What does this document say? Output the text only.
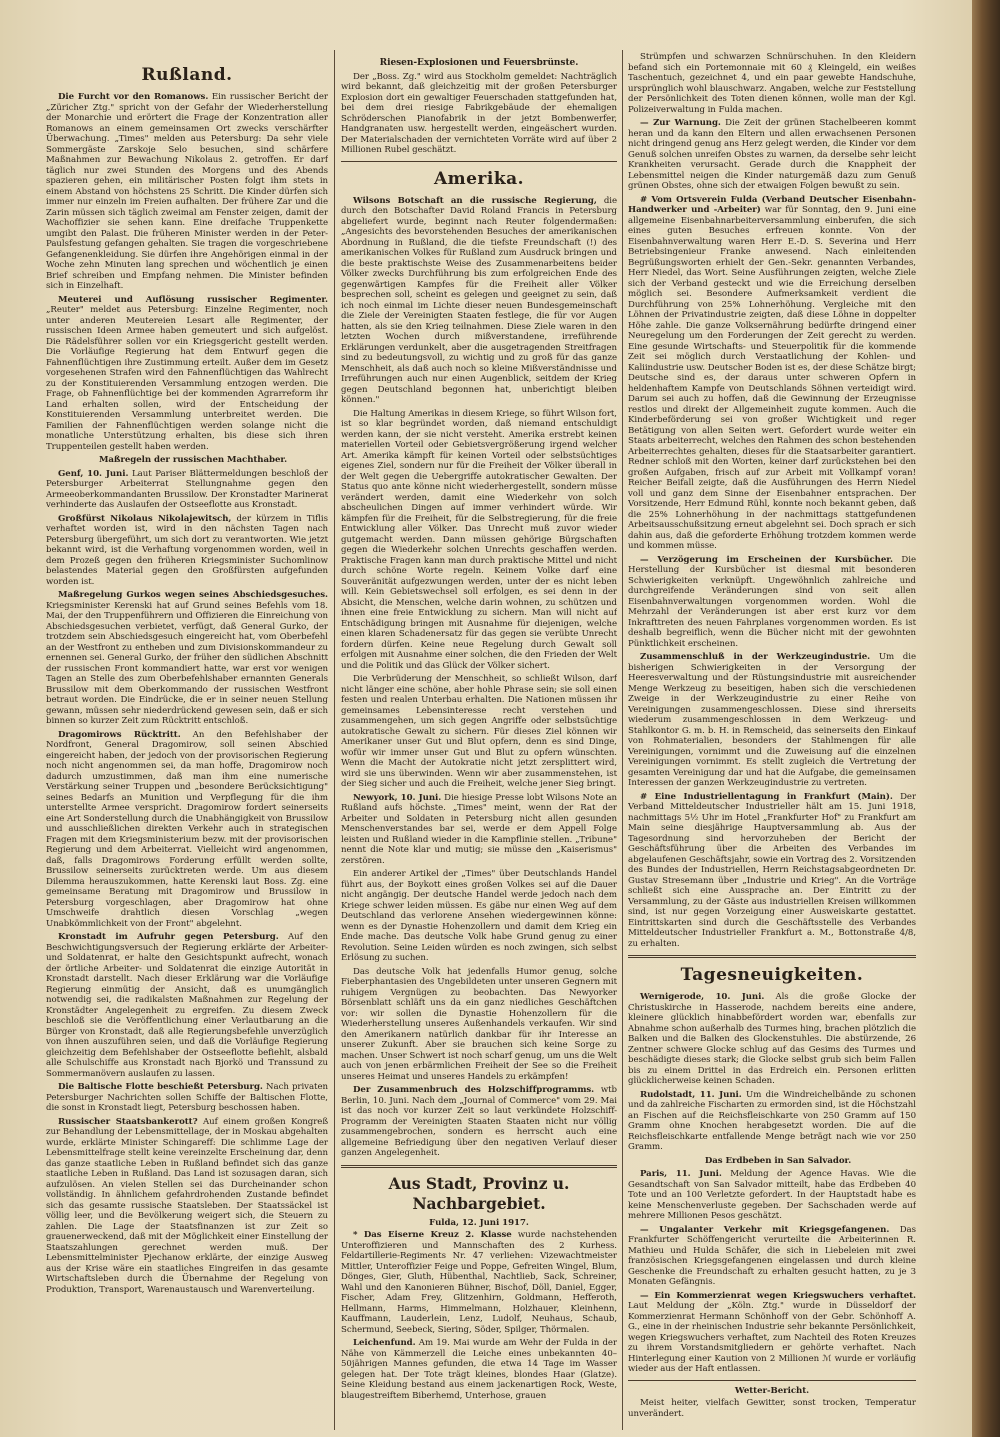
Rußland.

Die Furcht vor den Romanows. Ein russischer Bericht der „Züricher Ztg." spricht von der Gefahr der Wiederherstellung der Monarchie und erörtert die Frage der Konzentration aller Romanows an einem gemeinsamen Ort zwecks verschärfter Überwachung. „Times" melden aus Petersburg: Da sehr viele Sommergäste Zarskoje Selo besuchen, sind schärfere Maßnahmen zur Bewachung Nikolaus 2. getroffen. Er darf täglich nur zwei Stunden des Morgens und des Abends spazieren gehen, ein militärischer Posten folgt ihm stets in einem Abstand von höchstens 25 Schritt. Die Kinder dürfen sich immer nur einzeln im Freien aufhalten. Der frühere Zar und die Zarin müssen sich täglich zweimal am Fenster zeigen, damit der Wachoffizier sie sehen kann. Eine dreifache Truppenkette umgibt den Palast. Die früheren Minister werden in der Peter-Paulsfestung gefangen gehalten. Sie tragen die vorgeschriebene Gefangenenkleidung. Sie dürfen ihre Angehörigen einmal in der Woche zehn Minuten lang sprechen und wöchentlich je einen Brief schreiben und Empfang nehmen. Die Minister befinden sich in Einzelhaft.

Meuterei und Auflösung russischer Regimenter. „Reuter" meldet aus Petersburg: Einzelne Regimenter, noch unter anderen Meutereien Lesart alle Regimenter, der russischen Ideen Armee haben gemeutert und sich aufgelöst. Die Rädelsführer sollen vor ein Kriegsgericht gestellt werden. Die Vorläufige Regierung hat dem Entwurf gegen die Fahnenflüchtigen ihre Zustimmung erteilt. Außer dem im Gesetz vorgesehenen Strafen wird den Fahnenflüchtigen das Wahlrecht zu der Konstituierenden Versammlung entzogen werden. Die Frage, ob Fahnenflüchtige bei der kommenden Agrarreform ihr Land erhalten sollen, wird der Entscheidung der Konstituierenden Versammlung unterbreitet werden. Die Familien der Fahnenflüchtigen werden solange nicht die monatliche Unterstützung erhalten, bis diese sich ihren Truppenteilen gestellt haben werden.

Maßregeln der russischen Machthaber.

Genf, 10. Juni. Laut Pariser Blättermeldungen beschloß der Petersburger Arbeiterrat Stellungnahme gegen den Armeeoberkommandanten Brussilow. Der Kronstadter Marinerat verhinderte das Auslaufen der Ostseeflotte aus Kronstadt.

Großfürst Nikolaus Nikolajewitsch, der kürzem in Tiflis verhaftet worden ist, wird in den nächsten Tagen nach Petersburg übergeführt, um sich dort zu verantworten. Wie jetzt bekannt wird, ist die Verhaftung vorgenommen worden, weil in dem Prozeß gegen den früheren Kriegsminister Suchomlinow belastendes Material gegen den Großfürsten aufgefunden worden ist.

Maßregelung Gurkos wegen seines Abschiedsgesuches. Kriegsminister Kerenski hat auf Grund seines Befehls vom 18. Mai, der den Truppenführern und Offizieren die Einreichung von Abschiedsgesuchen verbietet, verfügt, daß General Gurko, der trotzdem sein Abschiedsgesuch eingereicht hat, vom Oberbefehl an der Westfront zu entheben und zum Divisionskommandeur zu ernennen sei. General Gurko, der früher den südlichen Abschnitt der russischen Front kommandiert hatte, war erst vor wenigen Tagen an Stelle des zum Oberbefehlshaber ernannten Generals Brussilow mit dem Oberkommando der russischen Westfront betraut worden. Die Eindrücke, die er in seiner neuen Stellung gewann, müssen sehr niederdrückend gewesen sein, daß er sich binnen so kurzer Zeit zum Rücktritt entschloß.

Dragomirows Rücktritt. An den Befehlshaber der Nordfront, General Dragomirow, soll seinen Abschied eingereicht haben, der jedoch von der provisorischen Regierung noch nicht angenommen sei, da man hoffe, Dragomirow noch dadurch umzustimmen, daß man ihm eine numerische Verstärkung seiner Truppen und „besondere Berücksichtigung" seines Bedarfs an Munition und Verpflegung für die ihm unterstellte Armee verspricht. Dragomirow fordert seinerseits eine Art Sonderstellung durch die Unabhängigkeit von Brussilow und ausschließlichen direkten Verkehr auch in strategischen Fragen mit dem Kriegsministerium bezw. mit der provisorischen Regierung und dem Arbeiterrat. Vielleicht wird angenommen, daß, falls Dragomirows Forderung erfüllt werden sollte, Brussilow seinerseits zurücktreten werde. Um aus diesem Dilemma herauszukommen, hatte Kerenski laut Boss. Zg. eine gemeinsame Beratung mit Dragomirow und Brussilow in Petersburg vorgeschlagen, aber Dragomirow hat ohne Umschweife drahtlich diesen Vorschlag „wegen Unabkömmlichkeit von der Front" abgelehnt.

Kronstadt im Aufruhr gegen Petersburg. Auf den Beschwichtigungsversuch der Regierung erklärte der Arbeiter- und Soldatenrat, er halte den Gesichtspunkt aufrecht, wonach der örtliche Arbeiter- und Soldatenrat die einzige Autorität in Kronstadt darstellt. Nach dieser Erklärung war die Vorläufige Regierung einmütig der Ansicht, daß es unumgänglich notwendig sei, die radikalsten Maßnahmen zur Regelung der Kronstädter Angelegenheit zu ergreifen. Zu diesem Zweck beschloß sie die Veröffentlichung einer Verlautbarung an die Bürger von Kronstadt, daß alle Regierungsbefehle unverzüglich von ihnen auszuführen seien, und daß die Vorläufige Regierung gleichzeitig dem Befehlshaber der Ostseeflotte befiehlt, alsbald alle Schulschiffe aus Kronstadt nach Bjorkö und Transsund zu Sommermanövern auslaufen zu lassen.

Die Baltische Flotte beschießt Petersburg. Nach privaten Petersburger Nachrichten sollen Schiffe der Baltischen Flotte, die sonst in Kronstadt liegt, Petersburg beschossen haben.

Russischer Staatsbankerott? Auf einem großen Kongreß zur Behandlung der Lebensmittellage, der in Moskau abgehalten wurde, erklärte Minister Schingareff: Die schlimme Lage der Lebensmittelfrage stellt keine vereinzelte Erscheinung dar, denn das ganze staatliche Leben in Rußland befindet sich das ganze staatliche Leben in Rußland. Das Land ist sozusagen daran, sich aufzulösen. An vielen Stellen sei das Durcheinander schon vollständig. In ähnlichem gefahrdrohenden Zustande befindet sich das gesamte russische Staatsleben. Der Staatssäckel ist völlig leer, und die Bevölkerung weigert sich, die Steuern zu zahlen. Die Lage der Staatsfinanzen ist zur Zeit so grauenerweckend, daß mit der Möglichkeit einer Einstellung der Staatszahlungen gerechnet werden muß. Der Lebensmittelminister Pjechanow erklärte, der einzige Ausweg aus der Krise wäre ein staatliches Eingreifen in das gesamte Wirtschaftsleben durch die Übernahme der Regelung von Produktion, Transport, Warenaustausch und Warenverteilung.

Riesen-Explosionen und Feuersbrünste.

Der „Boss. Zg." wird aus Stockholm gemeldet: Nachträglich wird bekannt, daß gleichzeitig mit der großen Petersburger Explosion dort ein gewaltiger Feuerschaden stattgefunden hat, bei dem drei riesige Fabrikgebäude der ehemaligen Schröderschen Pianofabrik in der jetzt Bombenwerfer, Handgranaten usw. hergestellt werden, eingeäschert wurden. Der Materialschaden der vernichteten Vorräte wird auf über 2 Millionen Rubel geschätzt.

Amerika.

Wilsons Botschaft an die russische Regierung, die durch den Botschafter David Roland Francis in Petersburg abgeliefert wurde, beginnt nach Reuter folgendermaßen: „Angesichts des bevorstehenden Besuches der amerikanischen Abordnung in Rußland, die die tiefste Freundschaft (!) des amerikanischen Volkes für Rußland zum Ausdruck bringen und die beste praktischste Weise des Zusammenarbeitens beider Völker zwecks Durchführung bis zum erfolgreichen Ende des gegenwärtigen Kampfes für die Freiheit aller Völker besprechen soll, scheint es gelegen und geeignet zu sein, daß ich noch einmal im Lichte dieser neuen Bundesgemeinschaft die Ziele der Vereinigten Staaten festlege, die für vor Augen hatten, als sie den Krieg teilnahmen. Diese Ziele waren in den letzten Wochen durch mißverstandene, irreführende Erklärungen verdunkelt, aber die ausgetragenden Streitfragen sind zu bedeutungsvoll, zu wichtig und zu groß für das ganze Menschheit, als daß auch noch so kleine Mißverständnisse und Irreführungen auch nur einen Augenblick, seitdem der Krieg gegen Deutschland begonnen hat, unberichtigt bleiben können."

Die Haltung Amerikas in diesem Kriege, so führt Wilson fort, ist so klar begründet worden, daß niemand entschuldigt werden kann, der sie nicht versteht. Amerika erstrebt keinen materiellen Vorteil oder Gebietsvergrößerung irgend welcher Art. Amerika kämpft für keinen Vorteil oder selbstsüchtiges eigenes Ziel, sondern nur für die Freiheit der Völker überall in der Welt gegen die Uebergriffe autokratischer Gewalten. Der Status quo ante könne nicht wiederhergestellt, sondern müsse verändert werden, damit eine Wiederkehr von solch abscheulichen Dingen auf immer verhindert würde. Wir kämpfen für die Freiheit, für die Selbstregierung, für die freie Entwicklung aller Völker. Das Unrecht muß zuvor wieder gutgemacht werden. Dann müssen gehörige Bürgschaften gegen die Wiederkehr solchen Unrechts geschaffen werden. Praktische Fragen kann man durch praktische Mittel und nicht durch schöne Worte regeln. Keinem Volke darf eine Souveränität aufgezwungen werden, unter der es nicht leben will. Kein Gebietswechsel soll erfolgen, es sei denn in der Absicht, die Menschen, welche darin wohnen, zu schützen und ihnen eine freie Entwicklung zu sichern. Man will nicht auf Entschädigung bringen mit Ausnahme für diejenigen, welche einen klaren Schadenersatz für das gegen sie verübte Unrecht fordern dürfen. Keine neue Regelung durch Gewalt soll erfolgen mit Ausnahme einer solchen, die den Frieden der Welt und die Politik und das Glück der Völker sichert.

Die Verbrüderung der Menschheit, so schließt Wilson, darf nicht länger eine schöne, aber hohle Phrase sein; sie soll einen festen und realen Unterbau erhalten. Die Nationen müssen ihr gemeinsames Lebensinteresse recht verstehen und zusammengehen, um sich gegen Angriffe oder selbstsüchtige autokratische Gewalt zu sichern. Für dieses Ziel können wir Amerikaner unser Gut und Blut opfern, denn es sind Dinge, wofür wir immer unser Gut und Blut zu opfern wünschten. Wenn die Macht der Autokratie nicht jetzt zersplittert wird, wird sie uns überwinden. Wenn wir aber zusammenstehen, ist der Sieg sicher und auch die Freiheit, welche jener Sieg bringt.

Newyork, 10. Juni. Die hiesige Presse lobt Wilsons Note an Rußland aufs höchste. „Times" meint, wenn der Rat der Arbeiter und Soldaten in Petersburg nicht allen gesunden Menschenverstandes bar sei, werde er dem Appell Folge leisten und Rußland wieder in die Kampflinie stellen. „Tribune" nennt die Note klar und mutig; sie müsse den „Kaiserismus" zerstören.

Ein anderer Artikel der „Times" über Deutschlands Handel führt aus, der Boykott eines großen Volkes sei auf die Dauer nicht angängig. Der deutsche Handel werde jedoch nach dem Kriege schwer leiden müssen. Es gäbe nur einen Weg auf dem Deutschland das verlorene Ansehen wiedergewinnen könne: wenn es der Dynastie Hohenzollern und damit dem Krieg ein Ende mache. Das deutsche Volk habe Grund genug zu einer Revolution. Seine Leiden würden es noch zwingen, sich selbst Erlösung zu suchen.

Das deutsche Volk hat jedenfalls Humor genug, solche Fieberphantasien des Ungebildeten unter unseren Gegnern mit ruhigem Vergnügen zu beobachten. Das Newyorker Börsenblatt schläft uns da ein ganz niedliches Geschäftchen vor: wir sollen die Dynastie Hohenzollern für die Wiederherstellung unseres Außenhandels verkaufen. Wir sind den Amerikanern natürlich dankbar für ihr Interesse an unserer Zukunft. Aber sie brauchen sich keine Sorge zu machen. Unser Schwert ist noch scharf genug, um uns die Welt auch von jenen erbärmlichen Freiheit der See so die Freiheit unseres Heimat und unseres Handels zu erkämpfen!

Der Zusammenbruch des Holzschiffprogramms. wtb Berlin, 10. Juni. Nach dem „Journal of Commerce" vom 29. Mai ist das noch vor kurzer Zeit so laut verkündete Holzschiff-Programm der Vereinigten Staaten Staaten nicht nur völlig zusammengebrochen, sondern es herrscht auch eine allgemeine Befriedigung über den negativen Verlauf dieser ganzen Angelegenheit.

Aus Stadt, Provinz u. Nachbargebiet.
Fulda, 12. Juni 1917.

* Das Eiserne Kreuz 2. Klasse wurde nachstehenden Unteroffizieren und Mannschaften des 2 Kurhess. Feldartillerie-Regiments Nr. 47 verliehen: Vizewachtmeister Mittler, Unteroffizier Feige und Poppe, Gefreiten Wingel, Blum, Dönges, Gier, Gluth, Hübenthal, Nachtlieb, Sack, Schreiner, Wahl und den Kanonieren Bühner, Bischof, Döll, Daniel, Egger, Fischer, Adam Frey, Glitzenhirn, Goldmann, Hefferoth, Hellmann, Harms, Himmelmann, Holzhauer, Kleinhenn, Kauffmann, Lauderlein, Lenz, Ludolf, Neuhaus, Schaub, Schermund, Seebeck, Siering, Söder, Spilger, Thörmalen.

Leichenfund. Am 19. Mai wurde am Wehr der Fulda in der Nähe von Kämmerzell die Leiche eines unbekannten 40–50jährigen Mannes gefunden, die etwa 14 Tage im Wasser gelegen hat. Der Tote trägt kleines, blondes Haar (Glatze). Seine Kleidung bestand aus einem jackenartigen Rock, Weste, blaugestreiftem Biberhemd, Unterhose, grauen

Strümpfen und schwarzen Schnürschuhen. In den Kleidern befand sich ein Portemonnaie mit 60 ₰ Kleingeld, ein weißes Taschentuch, gezeichnet 4, und ein paar gewebte Handschuhe, ursprünglich wohl blauschwarz. Angaben, welche zur Feststellung der Persönlichkeit des Toten dienen können, wolle man der Kgl. Polizeiverwaltung in Fulda machen.

— Zur Warnung. Die Zeit der grünen Stachelbeeren kommt heran und da kann den Eltern und allen erwachsenen Personen nicht dringend genug ans Herz gelegt werden, die Kinder vor dem Genuß solchen unreifen Obstes zu warnen, da derselbe sehr leicht Krankheiten verursacht. Gerade durch die Knappheit der Lebensmittel neigen die Kinder naturgemäß dazu zum Genuß grünen Obstes, ohne sich der etwaigen Folgen bewußt zu sein.

# Vom Ortsverein Fulda (Verband Deutscher Eisenbahn-Handwerker und -Arbeiter) war für Sonntag, den 9. Juni eine allgemeine Eisenbahnarbeiterversammlung einberufen, die sich eines guten Besuches erfreuen konnte. Von der Eisenbahnverwaltung waren Herr E.-D. S. Severina und Herr Betriebsingenieur Franke anwesend. Nach einleitenden Begrüßungsworten erhielt der Gen.-Sekr. genannten Verbandes, Herr Niedel, das Wort. Seine Ausführungen zeigten, welche Ziele sich der Verband gesteckt und wie die Erreichung derselben möglich sei. Besondere Aufmerksamkeit verdient die Durchführung von 25% Lohnerhöhung. Vergleiche mit den Löhnen der Privatindustrie zeigten, daß diese Löhne in doppelter Höhe zahle. Die ganze Volksernährung bedürfte dringend einer Neuregelung um den Forderungen der Zeit gerecht zu werden. Eine gesunde Wirtschafts- und Steuerpolitik für die kommende Zeit sei möglich durch Verstaatlichung der Kohlen- und Kaliindustrie usw. Deutscher Boden ist es, der diese Schätze birgt; Deutsche sind es, der daraus unter schweren Opfern in heldenhaftem Kampfe von Deutschlands Söhnen verteidigt wird. Darum sei auch zu hoffen, daß die Gewinnung der Erzeugnisse restlos und direkt der Allgemeinheit zugute kommen. Auch die Kinderbeförderung sei von großer Wichtigkeit und reger Betätigung von allen Seiten wert. Gefordert wurde weiter ein Staats arbeiterrecht, welches den Rahmen des schon bestehenden Arbeiterrechtes gehalten, dieses für die Staatsarbeiter garantiert. Redner schloß mit den Worten, keiner darf zurückstehen bei den großen Aufgaben, frisch auf zur Arbeit mit Vollkampf voran! Reicher Beifall zeigte, daß die Ausführungen des Herrn Niedel voll und ganz dem Sinne der Eisenbahner entsprachen. Der Vorsitzende, Herr Edmund Rühl, konnte noch bekannt geben, daß die 25% Lohnerhöhung in der nachmittags stattgefundenen Arbeitsausschußsitzung erneut abgelehnt sei. Doch sprach er sich dahin aus, daß die geforderte Erhöhung trotzdem kommen werde und kommen müsse.

— Verzögerung im Erscheinen der Kursbücher. Die Herstellung der Kursbücher ist diesmal mit besonderen Schwierigkeiten verknüpft. Ungewöhnlich zahlreiche und durchgreifende Veränderungen sind von seit allen Eisenbahnverwaltungen vorgenommen worden. Wohl die Mehrzahl der Veränderungen ist aber erst kurz vor dem Inkrafttreten des neuen Fahrplanes vorgenommen worden. Es ist deshalb begreiflich, wenn die Bücher nicht mit der gewohnten Pünktlichkeit erscheinen.

Zusammenschluß in der Werkzeugindustrie. Um die bisherigen Schwierigkeiten in der Versorgung der Heeresverwaltung und der Rüstungsindustrie mit ausreichender Menge Werkzeug zu beseitigen, haben sich die verschiedenen Zweige in der Werkzeugindustrie zu einer Reihe von Vereinigungen zusammengeschlossen. Diese sind ihrerseits wiederum zusammengeschlossen in dem Werkzeug- und Stahlkontor G. m. b. H. in Remscheid, das seinerseits den Einkauf von Rohmaterialien, besonders der Stahlmengen für alle Vereinigungen, vornimmt und die Zuweisung auf die einzelnen Vereinigungen vornimmt. Es stellt zugleich die Vertretung der gesamten Vereinigung dar und hat die Aufgabe, die gemeinsamen Interessen der ganzen Werkzeugindustrie zu vertreten.

# Eine Industriellentagung in Frankfurt (Main). Der Verband Mitteldeutscher Industrieller hält am 15. Juni 1918, nachmittags 5½ Uhr im Hotel „Frankfurter Hof" zu Frankfurt am Main seine diesjährige Hauptversammlung ab. Aus der Tagesordnung sind hervorzuheben der Bericht der Geschäftsführung über die Arbeiten des Verbandes im abgelaufenen Geschäftsjahr, sowie ein Vortrag des 2. Vorsitzenden des Bundes der Industriellen, Herrn Reichstagsabgeordneten Dr. Gustav Stresemann über „Industrie und Krieg". An die Vorträge schließt sich eine Aussprache an. Der Eintritt zu der Versammlung, zu der Gäste aus industriellen Kreisen willkommen sind, ist nur gegen Vorzeigung einer Ausweiskarte gestattet. Eintrittskarten sind durch die Geschäftsstelle des Verbandes Mitteldeutscher Industrieller Frankfurt a. M., Bottonstraße 4/8, zu erhalten.

Tagesneuigkeiten.

Wernigerode, 10. Juni. Als die große Glocke der Christuskirche in Hasserode, nachdem bereits eine andere, kleinere glücklich hinabbefördert worden war, ebenfalls zur Abnahme schon außerhalb des Turmes hing, brachen plötzlich die Balken und die Balken des Glockenstuhles. Die abstürzende, 26 Zentner schwere Glocke schlug auf das Gesims des Turmes und beschädigte dieses stark; die Glocke selbst grub sich beim Fallen bis zu einem Drittel in das Erdreich ein. Personen erlitten glücklicherweise keinen Schaden.

Rudolstadt, 11. Juni. Um die Windreichelbände zu schonen und da zahlreiche Fischarten zu ermorden sind, ist die Höchstzahl an Fischen auf die Reichsfleischkarte von 250 Gramm auf 150 Gramm ohne Knochen herabgesetzt worden. Die auf die Reichsfleischkarte entfallende Menge beträgt nach wie vor 250 Gramm.

Das Erdbeben in San Salvador.

Paris, 11. Juni. Meldung der Agence Havas. Wie die Gesandtschaft von San Salvador mitteilt, habe das Erdbeben 40 Tote und an 100 Verletzte gefordert. In der Hauptstadt habe es keine Menschenverluste gegeben. Der Sachschaden werde auf mehrere Millionen Pesos geschätzt.

— Ungalanter Verkehr mit Kriegsgefangenen. Das Frankfurter Schöffengericht verurteilte die Arbeiterinnen R. Mathieu und Hulda Schäfer, die sich in Liebeleien mit zwei französischen Kriegsgefangenen eingelassen und durch kleine Geschenke die Freundschaft zu erhalten gesucht hatten, zu je 3 Monaten Gefängnis.

— Ein Kommerzienrat wegen Kriegswuchers verhaftet. Laut Meldung der „Köln. Ztg." wurde in Düsseldorf der Kommerzienrat Hermann Schönhoff von der Gebr. Schönhoff A. G., eine in der rheinischen Industrie sehr bekannte Persönlichkeit, wegen Kriegswuchers verhaftet, zum Nachteil des Roten Kreuzes zu ihrem Vorstandsmitgliedern er gehörte verhaftet. Nach Hinterlegung einer Kaution von 2 Millionen ℳ wurde er vorläufig wieder aus der Haft entlassen.

Wetter-Bericht.

Meist heiter, vielfach Gewitter, sonst trocken, Temperatur unverändert.
